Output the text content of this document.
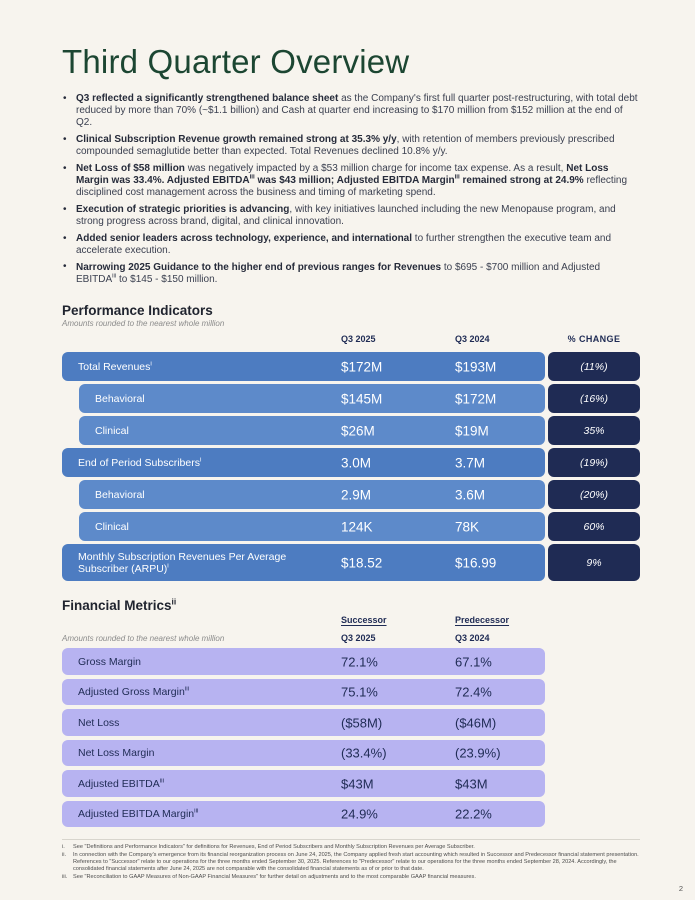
Third Quarter Overview
• Q3 reflected a significantly strengthened balance sheet as the Company's first full quarter post-restructuring, with total debt reduced by more than 70% (~$1.1 billion) and Cash at quarter end increasing to $170 million from $152 million at the end of Q2.
• Clinical Subscription Revenue growth remained strong at 35.3% y/y, with retention of members previously prescribed compounded semaglutide better than expected. Total Revenues declined 10.8% y/y.
• Net Loss of $58 million was negatively impacted by a $53 million charge for income tax expense. As a result, Net Loss Margin was 33.4%. Adjusted EBITDA$^{iii}$ was $43 million; Adjusted EBITDA Margin$^{iii}$ remained strong at 24.9% reflecting disciplined cost management across the business and timing of marketing spend.
• Execution of strategic priorities is advancing, with key initiatives launched including the new Menopause program, and strong progress across brand, digital, and clinical innovation.
• Added senior leaders across technology, experience, and international to further strengthen the executive team and accelerate execution.
• Narrowing 2025 Guidance to the higher end of previous ranges for Revenues to $695 - $700 million and Adjusted EBITDA$^{iii}$ to $145 - $150 million.
Performance Indicators
Amounts rounded to the nearest whole million
Q3 2025	Q3 2024	% CHANGE
Total Revenues$^i$	$172M	$193M	(11%)
Behavioral	$145M	$172M	(16%)
Clinical	$26M	$19M	35%
End of Period Subscribers$^i$	3.0M	3.7M	(19%)
Behavioral	2.9M	3.6M	(20%)
Clinical	124K	78K	60%
Monthly Subscription Revenues Per Average Subscriber (ARPU)$^i$	$18.52	$16.99	9%
Financial Metrics$^{ii}$
Successor	Predecessor
Amounts rounded to the nearest whole million	Q3 2025	Q3 2024
Gross Margin	72.1%	67.1%
Adjusted Gross Margin$^{iii}$	75.1%	72.4%
Net Loss	($58M)	($46M)
Net Loss Margin	(33.4%)	(23.9%)
Adjusted EBITDA$^{iii}$	$43M	$43M
Adjusted EBITDA Margin$^{iii}$	24.9%	22.2%
i. See "Definitions and Performance Indicators" for definitions for Revenues, End of Period Subscribers and Monthly Subscription Revenues per Average Subscriber.
ii. In connection with the Company's emergence from its financial reorganization process on June 24, 2025, the Company applied fresh start accounting which resulted in Successor and Predecessor financial statement presentation. References to "Successor" relate to our operations for the three months ended September 30, 2025. References to "Predecessor" relate to our operations for the three months ended September 28, 2024. Accordingly, the consolidated financial statements after June 24, 2025 are not comparable with the consolidated financial statements as of or prior to that date.
iii. See "Reconciliation to GAAP Measures of Non-GAAP Financial Measures" for further detail on adjustments and to the most comparable GAAP financial measures.
2
